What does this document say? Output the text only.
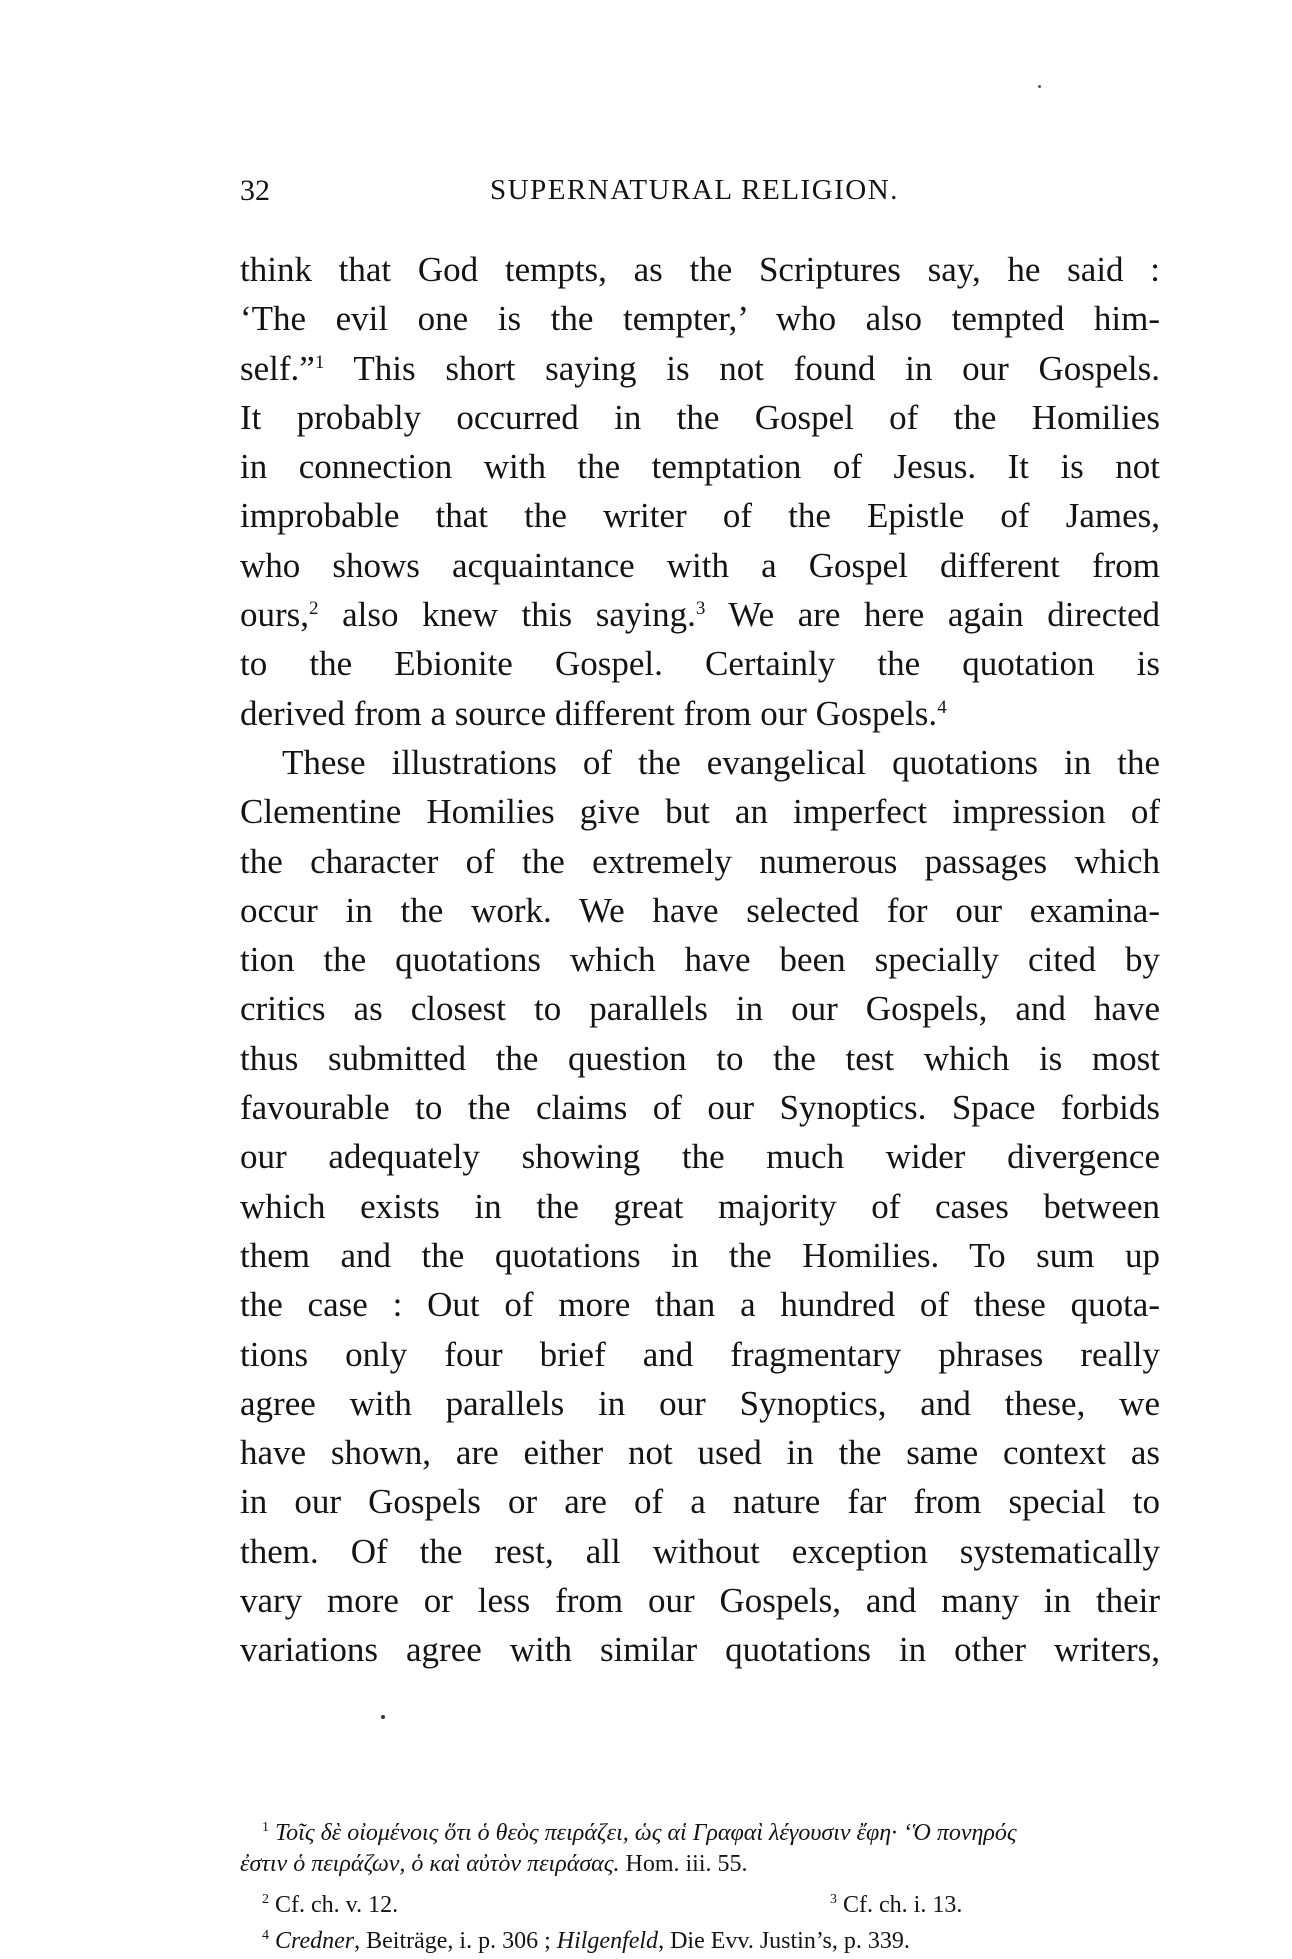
32	SUPERNATURAL RELIGION.
think that God tempts, as the Scriptures say, he said :
‘The evil one is the tempter,’ who also tempted him-
self.”$^1$ This short saying is not found in our Gospels.
It probably occurred in the Gospel of the Homilies
in connection with the temptation of Jesus. It is not
improbable that the writer of the Epistle of James,
who shows acquaintance with a Gospel different from
ours,$^2$ also knew this saying.$^3$ We are here again directed
to the Ebionite Gospel. Certainly the quotation is
derived from a source different from our Gospels.$^4$
These illustrations of the evangelical quotations in the
Clementine Homilies give but an imperfect impression of
the character of the extremely numerous passages which
occur in the work. We have selected for our examina-
tion the quotations which have been specially cited by
critics as closest to parallels in our Gospels, and have
thus submitted the question to the test which is most
favourable to the claims of our Synoptics. Space forbids
our adequately showing the much wider divergence
which exists in the great majority of cases between
them and the quotations in the Homilies. To sum up
the case : Out of more than a hundred of these quota-
tions only four brief and fragmentary phrases really
agree with parallels in our Synoptics, and these, we
have shown, are either not used in the same context as
in our Gospels or are of a nature far from special to
them. Of the rest, all without exception systematically
vary more or less from our Gospels, and many in their
variations agree with similar quotations in other writers,
$^1$ Τοῖς δὲ οἰομένοις ὅτι ὁ θεὸς πειράζει, ὡς αἱ Γραφαὶ λέγουσιν ἔφη· ‘Ὁ πονηρός
ἐστιν ὁ πειράζων, ὁ καὶ αὐτὸν πειράσας. Hom. iii. 55.
$^2$ Cf. ch. v. 12.	$^3$ Cf. ch. i. 13.
$^4$ Credner, Beiträge, i. p. 306 ; Hilgenfeld, Die Evv. Justin’s, p. 339.
